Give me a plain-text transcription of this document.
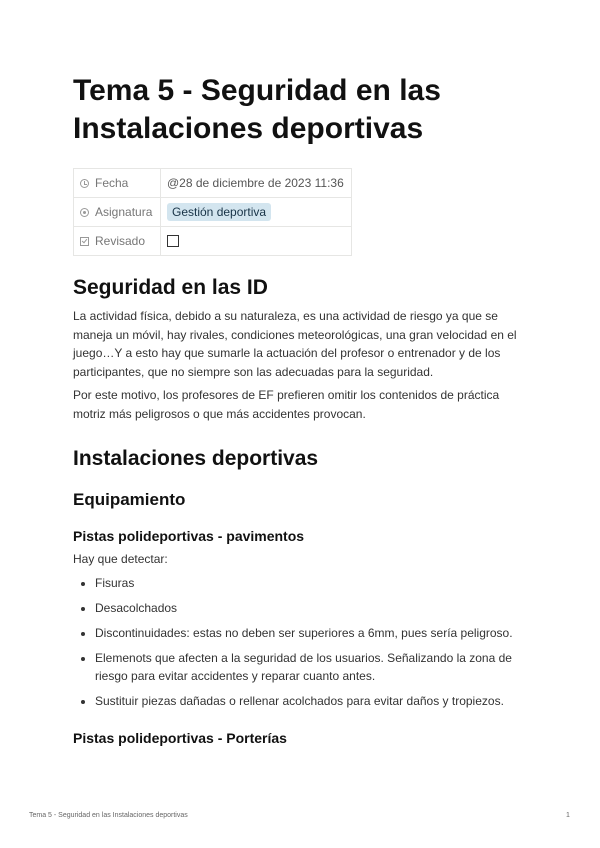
Tema 5 - Seguridad en las Instalaciones deportivas
Fecha	@28 de diciembre de 2023 11:36
Asignatura	Gestión deportiva
Revisado	
Seguridad en las ID

La actividad física, debido a su naturaleza, es una actividad de riesgo ya que se maneja un móvil, hay rivales, condiciones meteorológicas, una gran velocidad en el juego…Y a esto hay que sumarle la actuación del profesor o entrenador y de los participantes, que no siempre son las adecuadas para la seguridad.

Por este motivo, los profesores de EF prefieren omitir los contenidos de práctica motriz más peligrosos o que más accidentes provocan.

Instalaciones deportivas
Equipamiento
Pistas polideportivas - pavimentos

Hay que detectar:

• Fisuras
• Desacolchados
• Discontinuidades: estas no deben ser superiores a 6mm, pues sería peligroso.
• Elemenots que afecten a la seguridad de los usuarios. Señalizando la zona de riesgo para evitar accidentes y reparar cuanto antes.
• Sustituir piezas dañadas o rellenar acolchados para evitar daños y tropiezos.
Pistas polideportivas - Porterías
Tema 5 - Seguridad en las Instalaciones deportivas	1
